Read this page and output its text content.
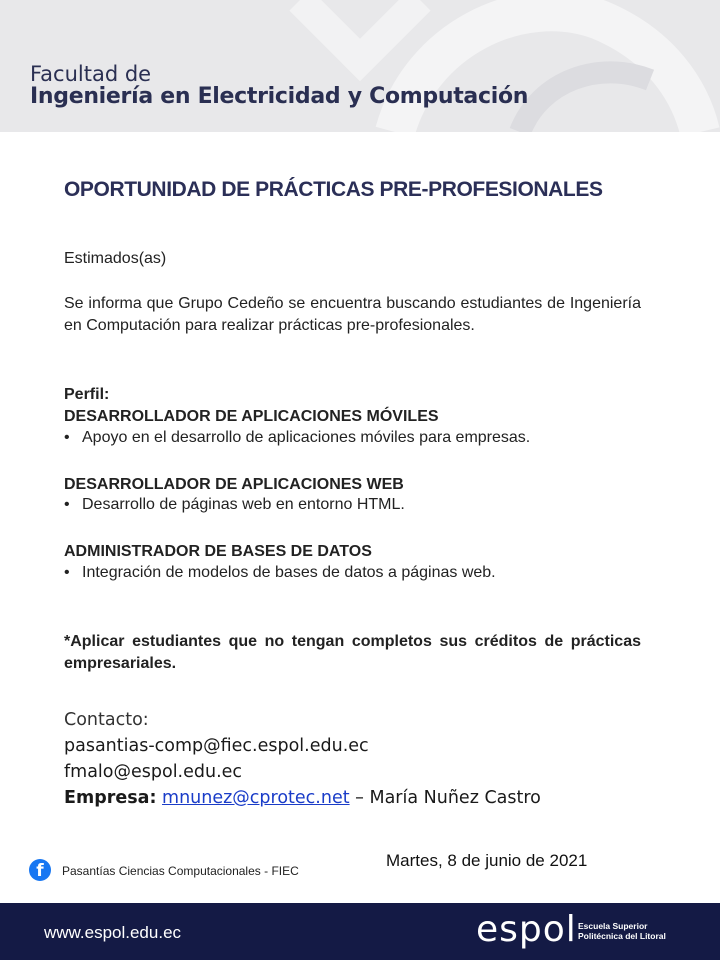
Facultad de
Ingeniería en Electricidad y Computación
OPORTUNIDAD DE PRÁCTICAS PRE-PROFESIONALES
Estimados(as)
Se informa que Grupo Cedeño se encuentra buscando estudiantes de Ingeniería en Computación para realizar prácticas pre-profesionales.
Perfil:
DESARROLLADOR DE APLICACIONES MÓVILES
• Apoyo en el desarrollo de aplicaciones móviles para empresas.
DESARROLLADOR DE APLICACIONES WEB
• Desarrollo de páginas web en entorno HTML.
ADMINISTRADOR DE BASES DE DATOS
• Integración de modelos de bases de datos a páginas web.
*Aplicar estudiantes que no tengan completos sus créditos de prácticas empresariales.
Contacto:
pasantias-comp@fiec.espol.edu.ec
fmalo@espol.edu.ec
Empresa: mnunez@cprotec.net – María Nuñez Castro
f	Pasantías Ciencias Computacionales - FIEC
Martes, 8 de junio de 2021
www.espol.edu.ec	espol Escuela Superior
Politécnica del Litoral
